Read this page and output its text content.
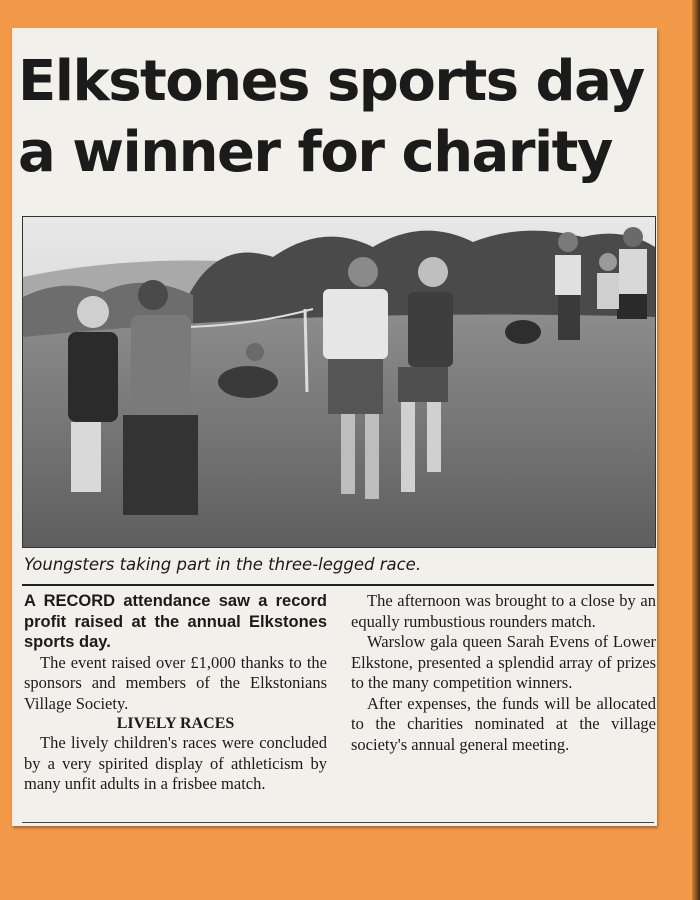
Elkstones sports day a winner for charity
Youngsters taking part in the three-legged race.

A RECORD attendance saw a record profit raised at the annual Elkstones sports day.

The event raised over £1,000 thanks to the sponsors and members of the Elkstonians Village Society.

LIVELY RACES

The lively children's races were concluded by a very spirited display of athleticism by many unfit adults in a frisbee match.

The afternoon was brought to a close by an equally rumbustious rounders match.

Warslow gala queen Sarah Evens of Lower Elkstone, presented a splendid array of prizes to the many competition winners.

After expenses, the funds will be allocated to the charities nominated at the village society's annual general meeting.
